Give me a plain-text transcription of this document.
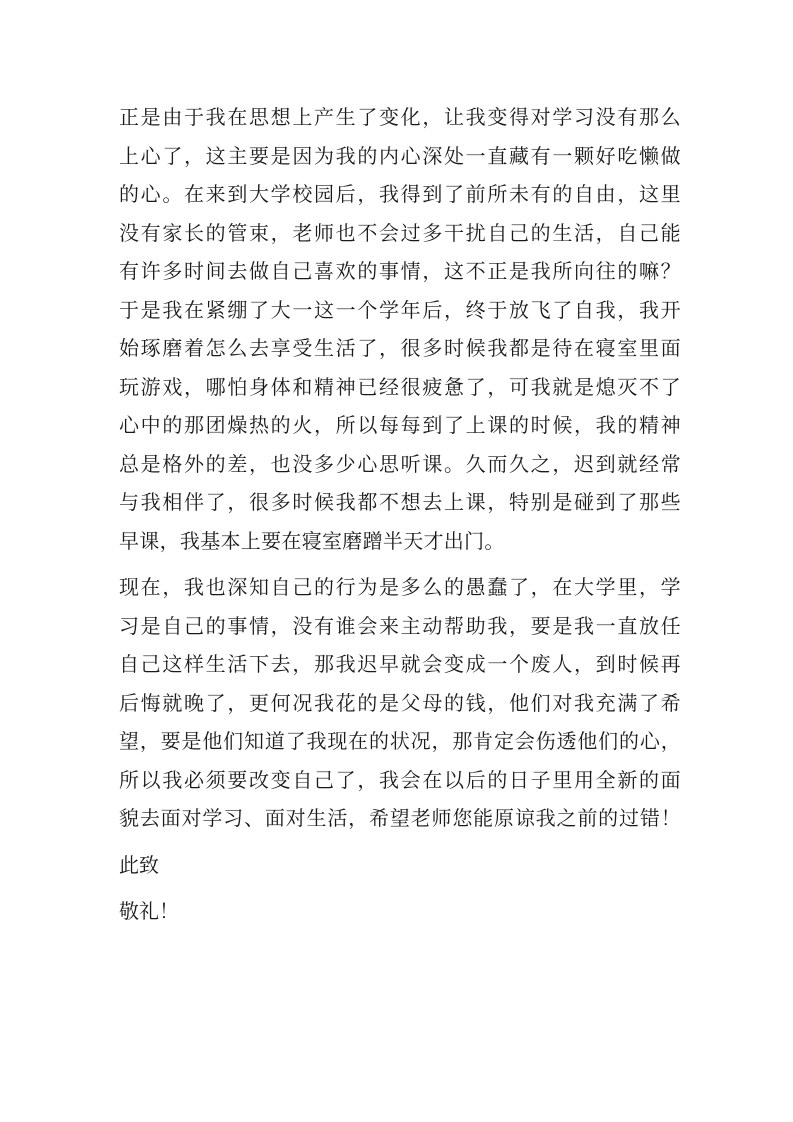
正是由于我在思想上产生了变化，让我变得对学习没有那么
上心了，这主要是因为我的内心深处一直藏有一颗好吃懒做
的心。在来到大学校园后，我得到了前所未有的自由，这里
没有家长的管束，老师也不会过多干扰自己的生活，自己能
有许多时间去做自己喜欢的事情，这不正是我所向往的嘛？
于是我在紧绷了大一这一个学年后，终于放飞了自我，我开
始琢磨着怎么去享受生活了，很多时候我都是待在寝室里面
玩游戏，哪怕身体和精神已经很疲惫了，可我就是熄灭不了
心中的那团燥热的火，所以每每到了上课的时候，我的精神
总是格外的差，也没多少心思听课。久而久之，迟到就经常
与我相伴了，很多时候我都不想去上课，特别是碰到了那些
早课，我基本上要在寝室磨蹭半天才出门。
现在，我也深知自己的行为是多么的愚蠢了，在大学里，学
习是自己的事情，没有谁会来主动帮助我，要是我一直放任
自己这样生活下去，那我迟早就会变成一个废人，到时候再
后悔就晚了，更何况我花的是父母的钱，他们对我充满了希
望，要是他们知道了我现在的状况，那肯定会伤透他们的心，
所以我必须要改变自己了，我会在以后的日子里用全新的面
貌去面对学习、面对生活，希望老师您能原谅我之前的过错！
此致
敬礼！
